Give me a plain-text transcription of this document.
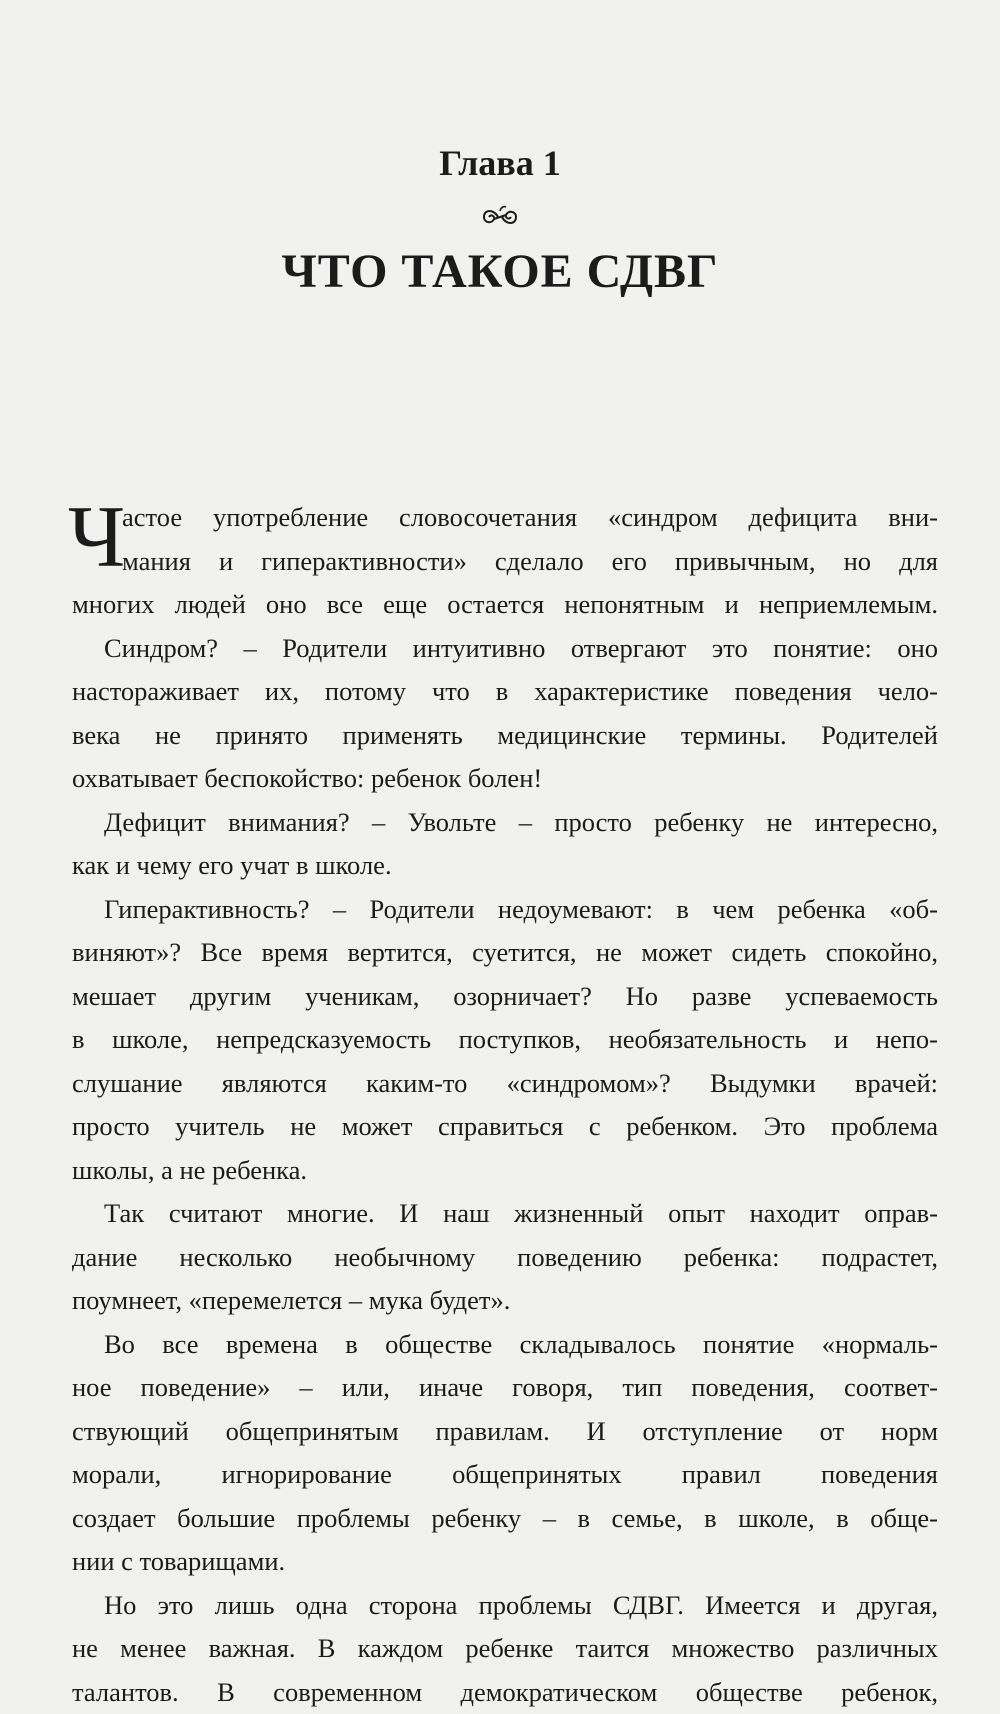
Глава 1
ЧТО ТАКОЕ СДВГ
Ч
астое употребление словосочетания «синдром дефицита вни-
мания и гиперактивности» сделало его привычным, но для
многих людей оно все еще остается непонятным и неприемлемым.
Синдром? – Родители интуитивно отвергают это понятие: оно
настораживает их, потому что в характеристике поведения чело-
века не принято применять медицинские термины. Родителей
охватывает беспокойство: ребенок болен!
Дефицит внимания? – Увольте – просто ребенку не интересно,
как и чему его учат в школе.
Гиперактивность? – Родители недоумевают: в чем ребенка «об-
виняют»? Все время вертится, суетится, не может сидеть спокойно,
мешает другим ученикам, озорничает? Но разве успеваемость
в школе, непредсказуемость поступков, необязательность и непо-
слушание являются каким-то «синдромом»? Выдумки врачей:
просто учитель не может справиться с ребенком. Это проблема
школы, а не ребенка.
Так считают многие. И наш жизненный опыт находит оправ-
дание несколько необычному поведению ребенка: подрастет,
поумнеет, «перемелется – мука будет».
Во все времена в обществе складывалось понятие «нормаль-
ное поведение» – или, иначе говоря, тип поведения, соответ-
ствующий общепринятым правилам. И отступление от норм
морали, игнорирование общепринятых правил поведения
создает большие проблемы ребенку – в семье, в школе, в обще-
нии с товарищами.
Но это лишь одна сторона проблемы СДВГ. Имеется и другая,
не менее важная. В каждом ребенке таится множество различных
талантов. В современном демократическом обществе ребенок,
